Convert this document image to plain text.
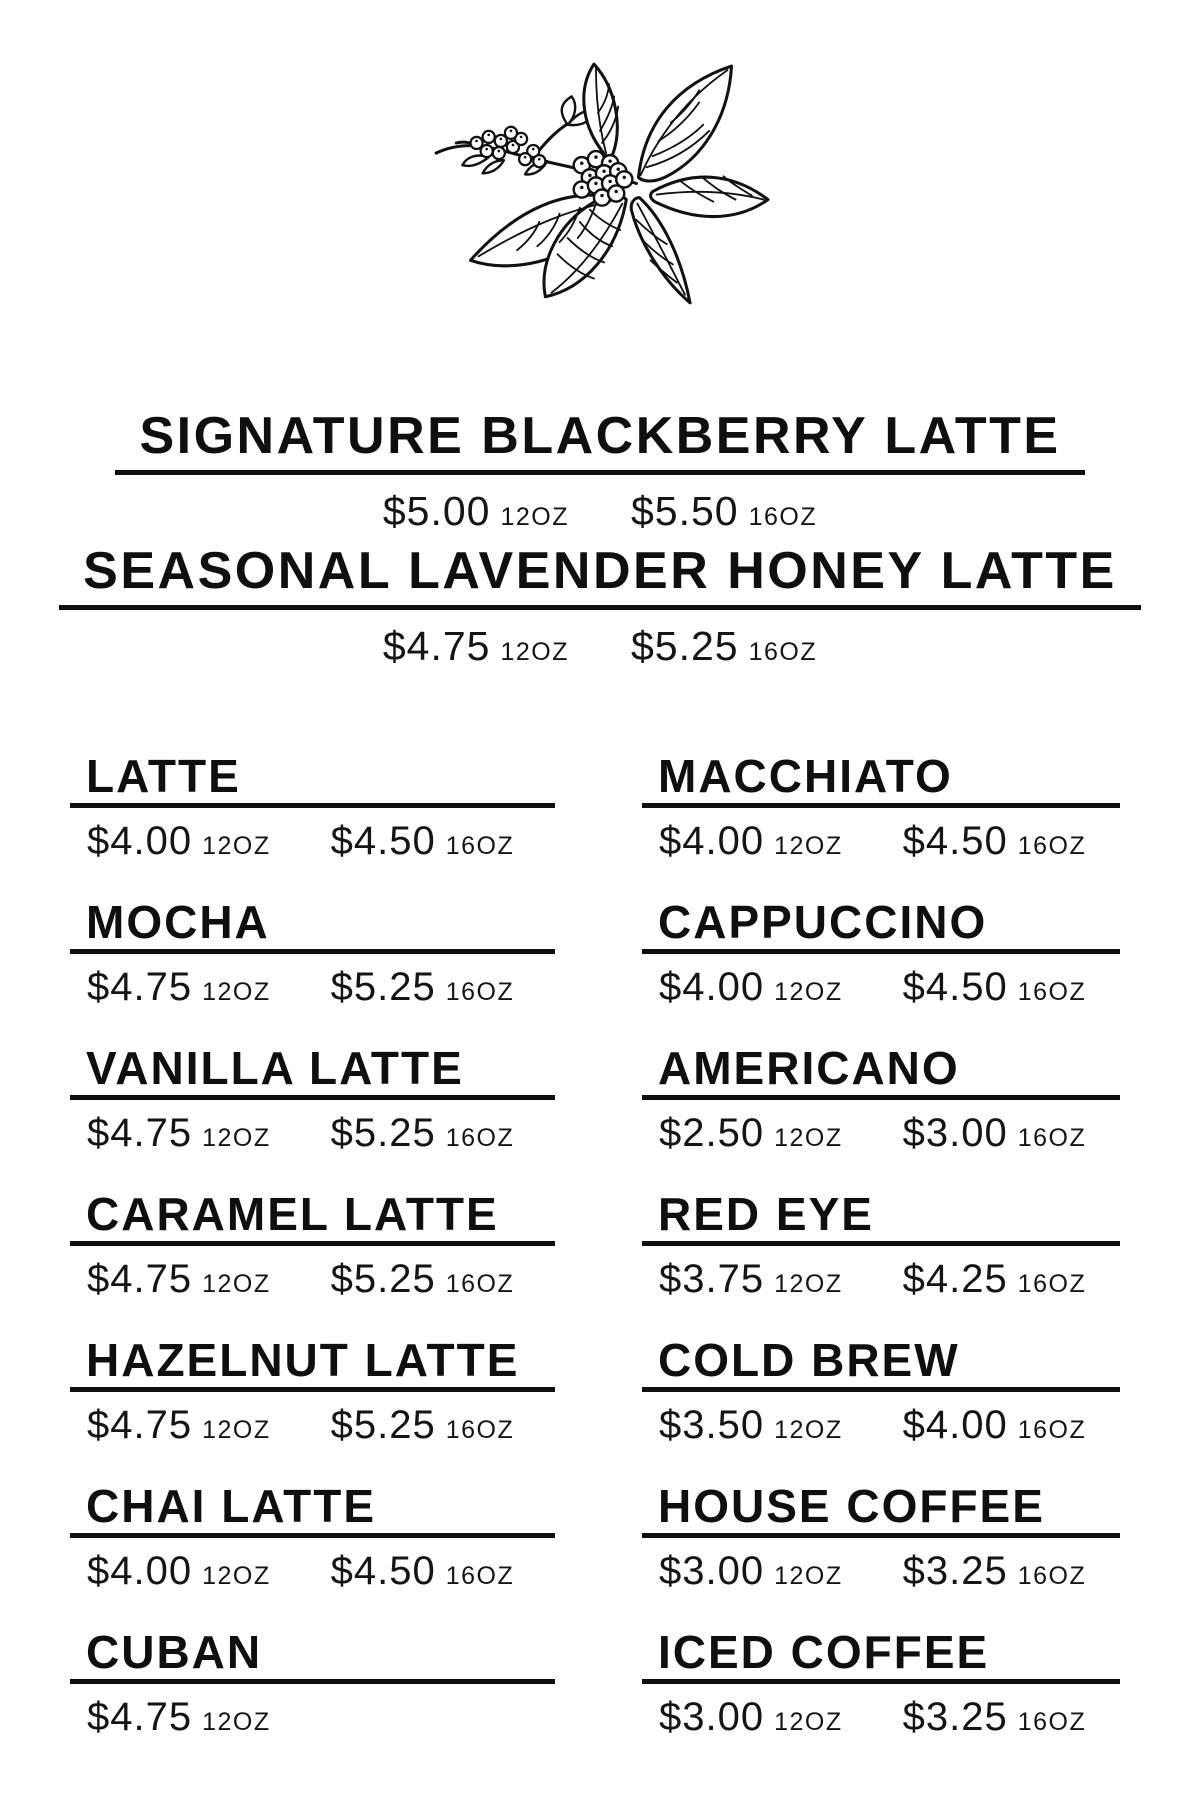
SIGNATURE BLACKBERRY LATTE
$5.00 12OZ $5.50 16OZ
SEASONAL LAVENDER HONEY LATTE
$4.75 12OZ $5.25 16OZ
LATTE
$4.00 12OZ $4.50 16OZ
MOCHA
$4.75 12OZ $5.25 16OZ
VANILLA LATTE
$4.75 12OZ $5.25 16OZ
CARAMEL LATTE
$4.75 12OZ $5.25 16OZ
HAZELNUT LATTE
$4.75 12OZ $5.25 16OZ
CHAI LATTE
$4.00 12OZ $4.50 16OZ
CUBAN
$4.75 12OZ
MACCHIATO
$4.00 12OZ $4.50 16OZ
CAPPUCCINO
$4.00 12OZ $4.50 16OZ
AMERICANO
$2.50 12OZ $3.00 16OZ
RED EYE
$3.75 12OZ $4.25 16OZ
COLD BREW
$3.50 12OZ $4.00 16OZ
HOUSE COFFEE
$3.00 12OZ $3.25 16OZ
ICED COFFEE
$3.00 12OZ $3.25 16OZ
